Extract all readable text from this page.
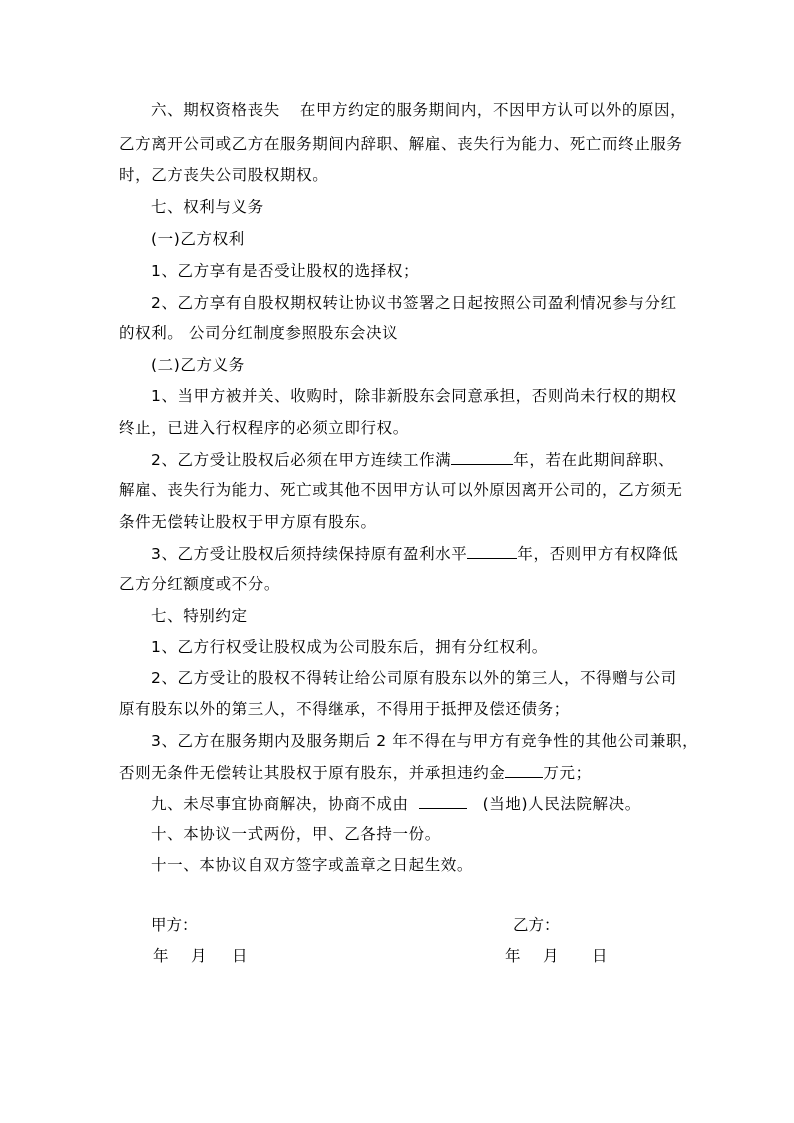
六、期权资格丧失 在甲方约定的服务期间内，不因甲方认可以外的原因，
乙方离开公司或乙方在服务期间内辞职、解雇、丧失行为能力、死亡而终止服务
时，乙方丧失公司股权期权。
七、权利与义务
(一)乙方权利
1、乙方享有是否受让股权的选择权；
2、乙方享有自股权期权转让协议书签署之日起按照公司盈利情况参与分红
的权利。 公司分红制度参照股东会决议
(二)乙方义务
1、当甲方被并关、收购时，除非新股东会同意承担，否则尚未行权的期权
终止，已进入行权程序的必须立即行权。
2、乙方受让股权后必须在甲方连续工作满	年，若在此期间辞职、
解雇、丧失行为能力、死亡或其他不因甲方认可以外原因离开公司的，乙方须无
条件无偿转让股权于甲方原有股东。
3、乙方受让股权后须持续保持原有盈利水平	年，否则甲方有权降低
乙方分红额度或不分。
七、特别约定
1、乙方行权受让股权成为公司股东后，拥有分红权利。
2、乙方受让的股权不得转让给公司原有股东以外的第三人，不得赠与公司
原有股东以外的第三人，不得继承，不得用于抵押及偿还债务；
3、乙方在服务期内及服务期后 2 年不得在与甲方有竞争性的其他公司兼职，
否则无条件无偿转让其股权于原有股东，并承担违约金 万元；
九、未尽事宜协商解决，协商不成由	(当地)人民法院解决。
十、本协议一式两份，甲、乙各持一份。
十一、本协议自双方签字或盖章之日起生效。
甲方：	乙方：
年 月 日	年 月 日
